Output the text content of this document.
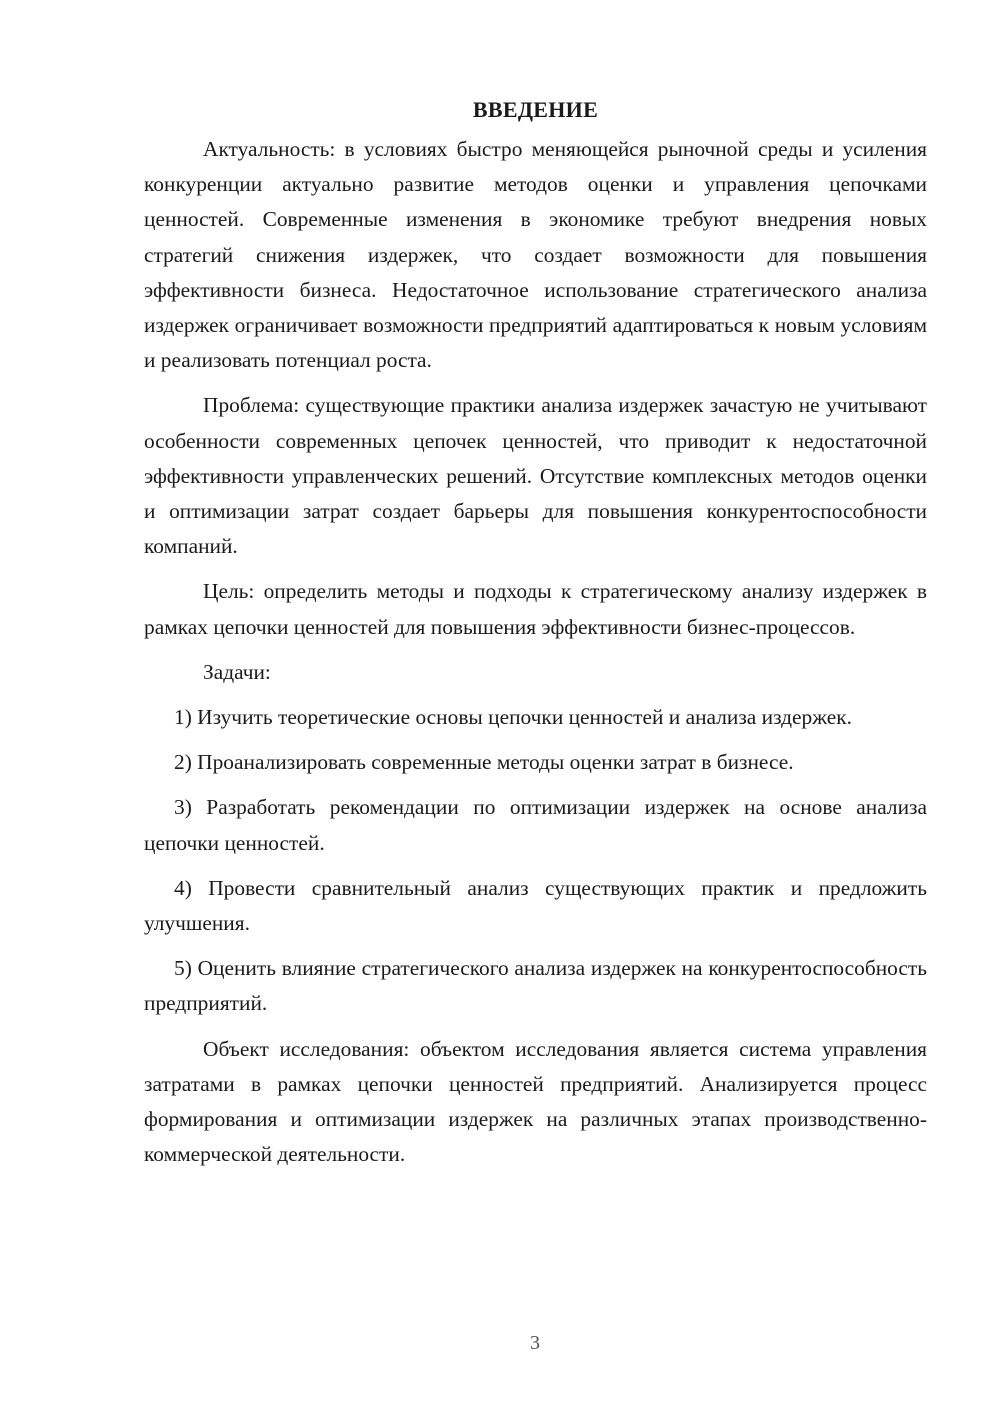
ВВЕДЕНИЕ

Актуальность: в условиях быстро меняющейся рыночной среды и усиления конкуренции актуально развитие методов оценки и управления цепочками ценностей. Современные изменения в экономике требуют внедрения новых стратегий снижения издержек, что создает возможности для повышения эффективности бизнеса. Недостаточное использование стратегического анализа издержек ограничивает возможности предприятий адаптироваться к новым условиям и реализовать потенциал роста.

Проблема: существующие практики анализа издержек зачастую не учитывают особенности современных цепочек ценностей, что приводит к недостаточной эффективности управленческих решений. Отсутствие комплексных методов оценки и оптимизации затрат создает барьеры для повышения конкурентоспособности компаний.

Цель: определить методы и подходы к стратегическому анализу издержек в рамках цепочки ценностей для повышения эффективности бизнес-процессов.

Задачи:

1) Изучить теоретические основы цепочки ценностей и анализа издержек.

2) Проанализировать современные методы оценки затрат в бизнесе.

3) Разработать рекомендации по оптимизации издержек на основе анализа цепочки ценностей.

4) Провести сравнительный анализ существующих практик и предложить улучшения.

5) Оценить влияние стратегического анализа издержек на конкурентоспособность предприятий.

Объект исследования: объектом исследования является система управления затратами в рамках цепочки ценностей предприятий. Анализируется процесс формирования и оптимизации издержек на различных этапах производственно-коммерческой деятельности.

3
